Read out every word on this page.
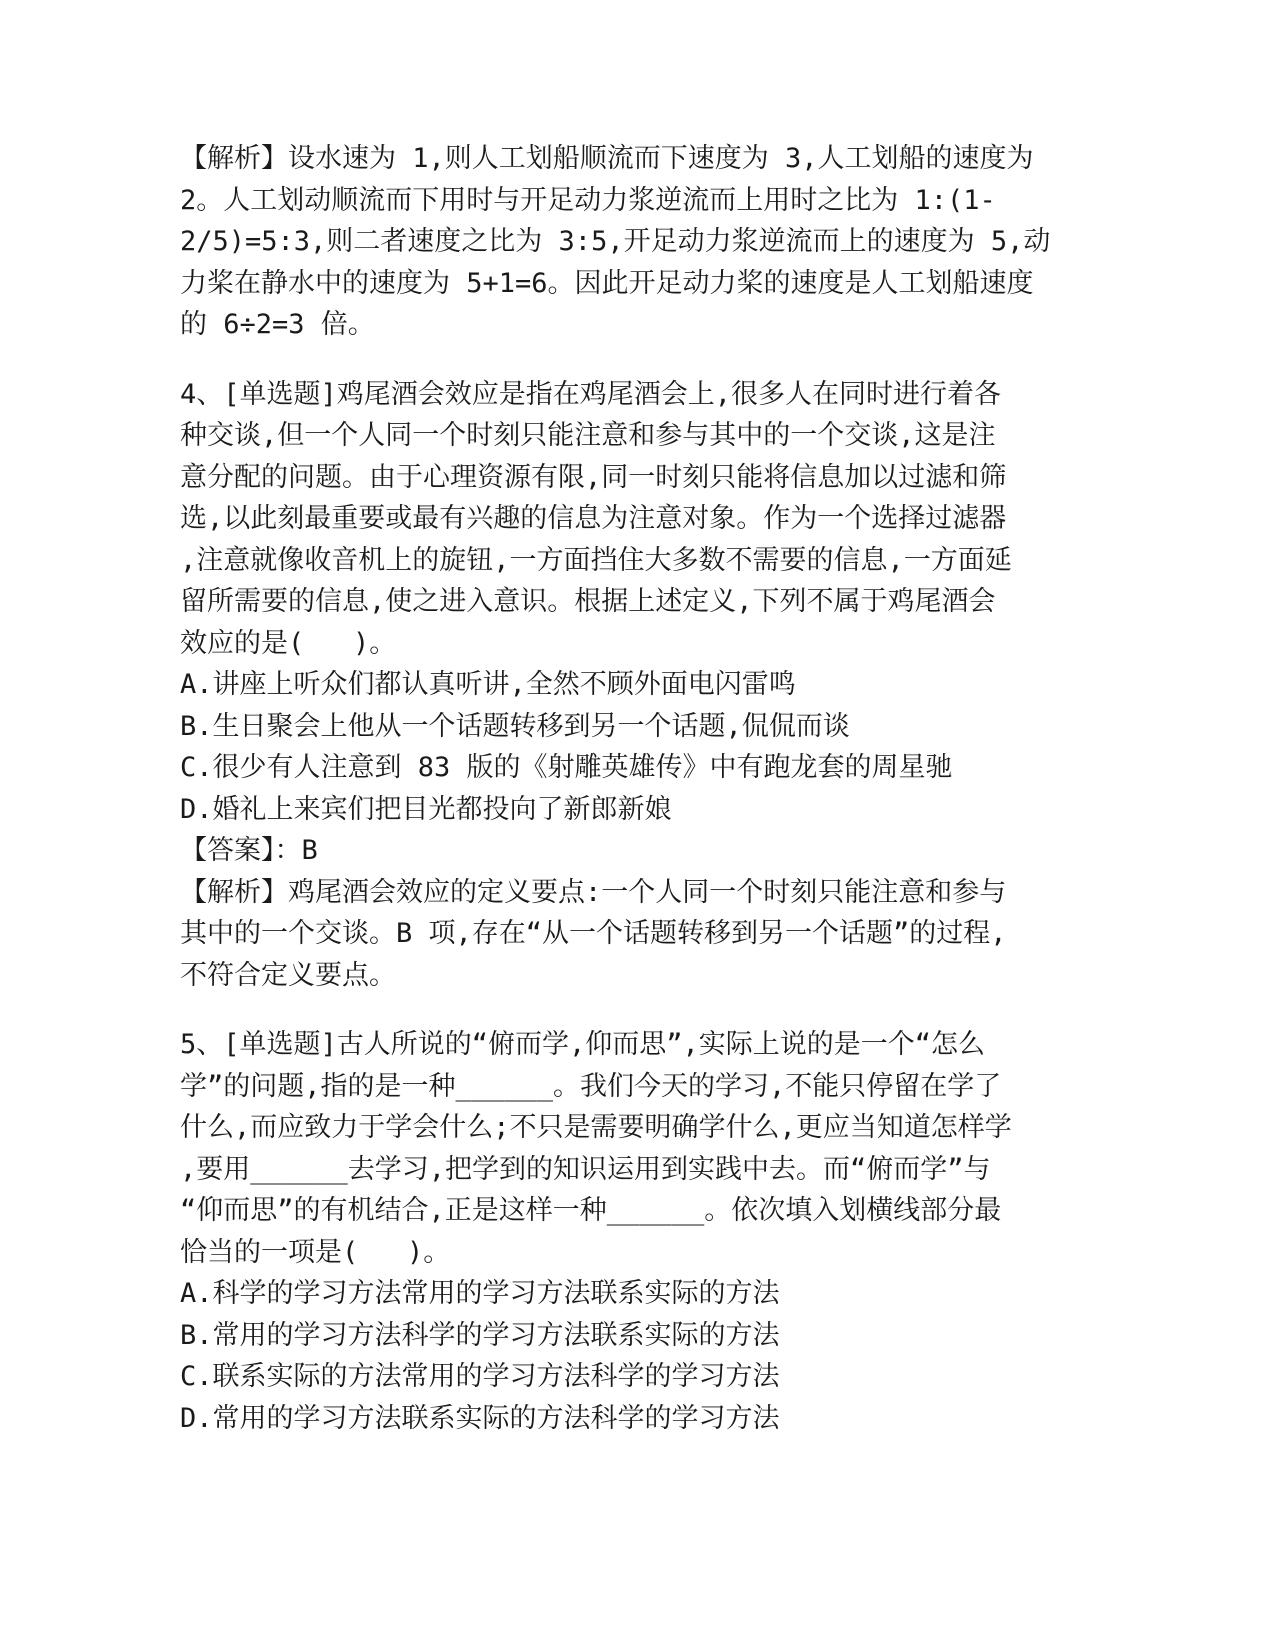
【解析】设水速为 1,则人工划船顺流而下速度为 3,人工划船的速度为

2。人工划动顺流而下用时与开足动力浆逆流而上用时之比为 1:(1-

2/5)=5:3,则二者速度之比为 3:5,开足动力浆逆流而上的速度为 5,动

力桨在静水中的速度为 5+1=6。因此开足动力桨的速度是人工划船速度

的 6÷2=3 倍。

4、[单选题]鸡尾酒会效应是指在鸡尾酒会上,很多人在同时进行着各

种交谈,但一个人同一个时刻只能注意和参与其中的一个交谈,这是注

意分配的问题。由于心理资源有限,同一时刻只能将信息加以过滤和筛

选,以此刻最重要或最有兴趣的信息为注意对象。作为一个选择过滤器

,注意就像收音机上的旋钮,一方面挡住大多数不需要的信息,一方面延

留所需要的信息,使之进入意识。根据上述定义,下列不属于鸡尾酒会

效应的是(   )。

A.讲座上听众们都认真听讲,全然不顾外面电闪雷鸣

B.生日聚会上他从一个话题转移到另一个话题,侃侃而谈

C.很少有人注意到 83 版的《射雕英雄传》中有跑龙套的周星驰

D.婚礼上来宾们把目光都投向了新郎新娘

【答案】：B

【解析】鸡尾酒会效应的定义要点:一个人同一个时刻只能注意和参与

其中的一个交谈。B 项,存在“从一个话题转移到另一个话题”的过程,

不符合定义要点。

5、[单选题]古人所说的“俯而学,仰而思”,实际上说的是一个“怎么

学”的问题,指的是一种______。我们今天的学习,不能只停留在学了

什么,而应致力于学会什么;不只是需要明确学什么,更应当知道怎样学

,要用______去学习,把学到的知识运用到实践中去。而“俯而学”与

“仰而思”的有机结合,正是这样一种______。依次填入划横线部分最

恰当的一项是(   )。

A.科学的学习方法常用的学习方法联系实际的方法

B.常用的学习方法科学的学习方法联系实际的方法

C.联系实际的方法常用的学习方法科学的学习方法

D.常用的学习方法联系实际的方法科学的学习方法
